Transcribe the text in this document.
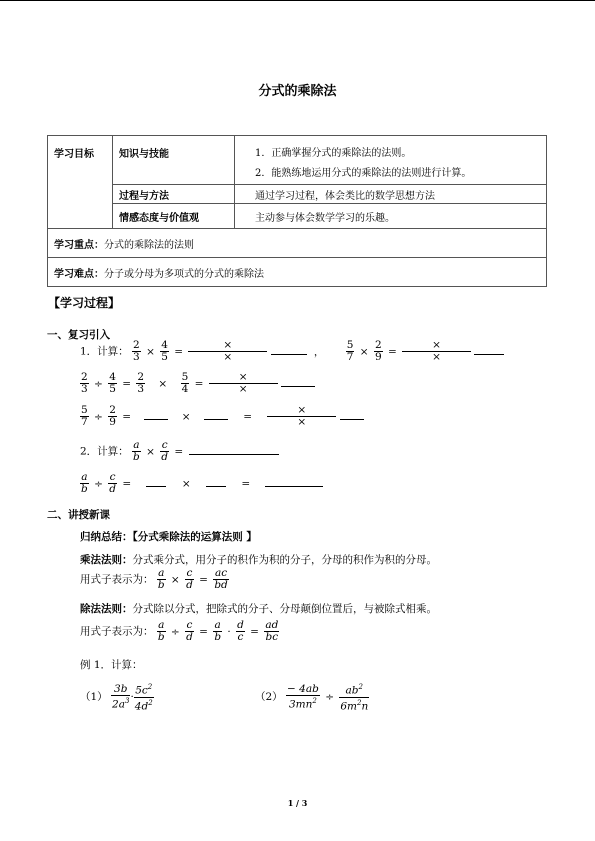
分式的乘除法
学习目标	知识与技能	1．正确掌握分式的乘除法的法则。
2．能熟练地运用分式的乘除法的法则进行计算。

	过程与方法	通过学习过程，体会类比的数学思想方法
	情感态度与价值观	主动参与体会数学学习的乐趣。
学习重点：分式的乘除法的法则		
学习难点：分子或分母为多项式的分式的乘除法		
【学习过程】
一、复习引入
1．计算： $\frac{2}{3} \times \frac{4}{5} = \frac{\times}{\times}$	， $\frac{5}{7} \times \frac{2}{9} = \frac{\times}{\times}$

$\frac{2}{3} \div \frac{4}{5} = \frac{2}{3} \times \frac{5}{4} = \frac{\times}{\times}$

$\frac{5}{7} \div \frac{2}{9}$ =	×	= $\frac{\times}{\times}$

2．计算： $\frac{a}{b} \times \frac{c}{d}$ =
$\frac{a}{b} \div \frac{c}{d}$ =	×	=
二、讲授新课
归纳总结：【分式乘除法的运算法则 】
乘法法则：分式乘分式，用分子的积作为积的分子，分母的积作为积的分母。
用式子表示为： $\frac{a}{b} \times \frac{c}{d} = \frac{ac}{bd}$
除法法则：分式除以分式，把除式的分子、分母颠倒位置后，与被除式相乘。
用式子表示为： $\frac{a}{b} \div \frac{c}{d} = \frac{a}{b} \cdot \frac{d}{c} = \frac{ad}{bc}$
例 1．计算：
$(1) \frac{3b}{2a^3} \cdot \frac{5c^2}{4d^2}$	$(2) \frac{- 4ab}{3mn^2} \div \frac{ab^2}{6m^2n}$
1 / 3
